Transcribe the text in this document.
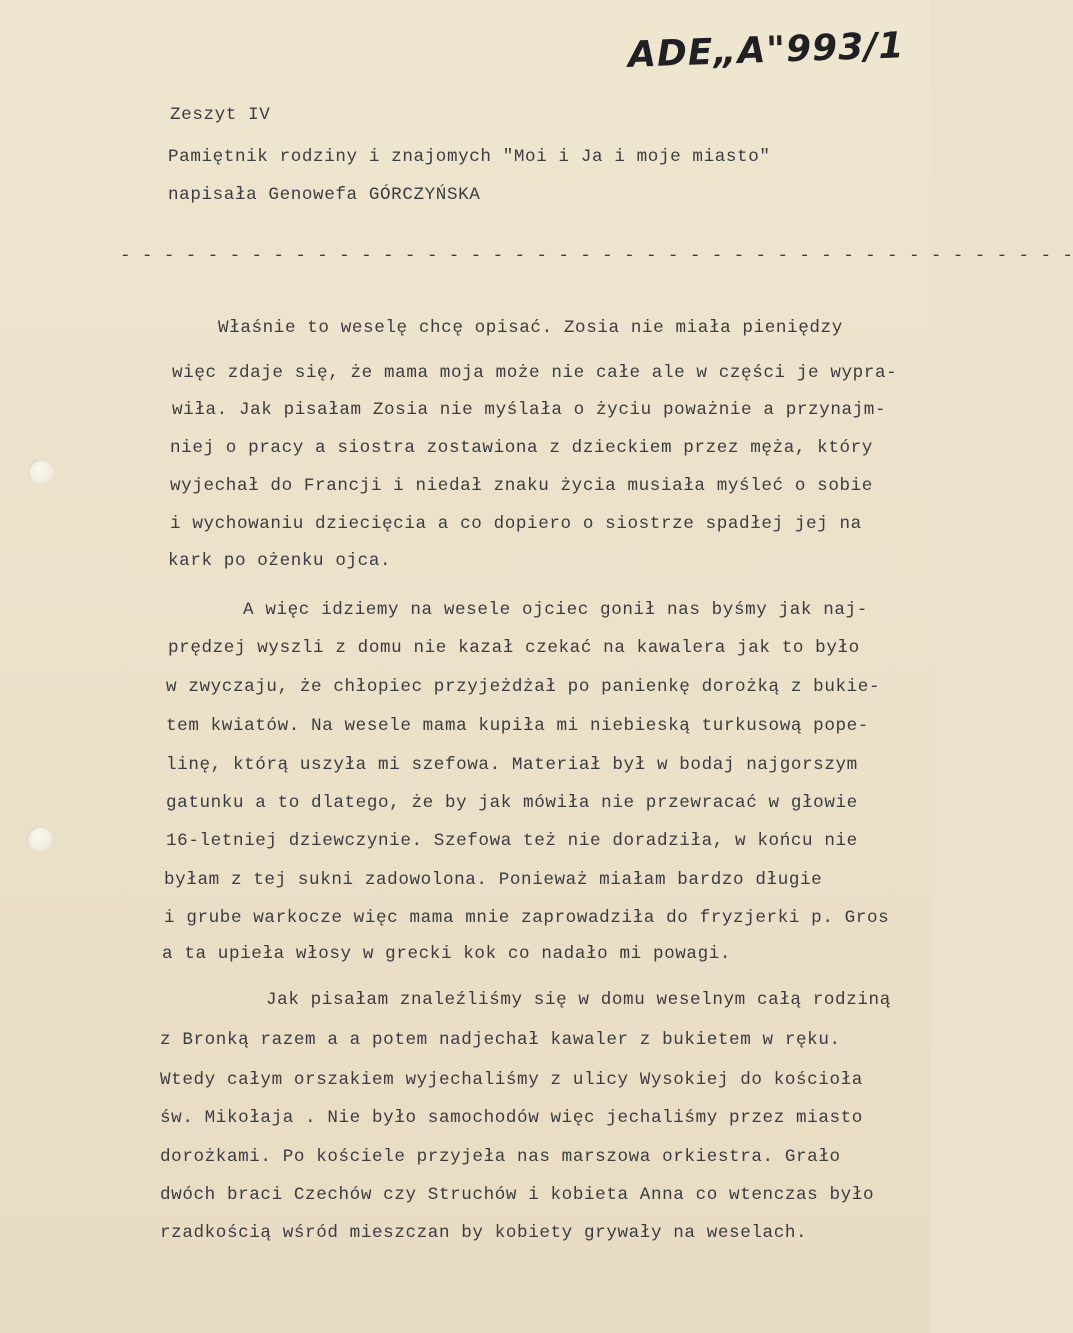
ADE„A"993/1
Zeszyt IV
Pamiętnik rodziny i znajomych "Moi i Ja i moje miasto"
napisała Genowefa GÓRCZYŃSKA
- - - - - - - - - - - - - - - - - - - - - - - - - - - - - - - - - - - - - - - - - - - -
Właśnie to weselę chcę opisać. Zosia nie miała pieniędzy
więc zdaje się, że mama moja może nie całe ale w części je wypra-
wiła. Jak pisałam Zosia nie myślała o życiu poważnie a przynajm-
niej o pracy a siostra zostawiona z dzieckiem przez męża, który
wyjechał do Francji i niedał znaku życia musiała myśleć o sobie
i wychowaniu dziecięcia a co dopiero o siostrze spadłej jej na
kark po ożenku ojca.
A więc idziemy na wesele ojciec gonił nas byśmy jak naj-
prędzej wyszli z domu nie kazał czekać na kawalera jak to było
w zwyczaju, że chłopiec przyjeżdżał po panienkę dorożką z bukie-
tem kwiatów. Na wesele mama kupiła mi niebieską turkusową pope-
linę, którą uszyła mi szefowa. Materiał był w bodaj najgorszym
gatunku a to dlatego, że by jak mówiła nie przewracać w głowie
16-letniej dziewczynie. Szefowa też nie doradziła, w końcu nie
byłam z tej sukni zadowolona. Ponieważ miałam bardzo długie
i grube warkocze więc mama mnie zaprowadziła do fryzjerki p. Gros
a ta upieła włosy w grecki kok co nadało mi powagi.
Jak pisałam znaleźliśmy się w domu weselnym całą rodziną
z Bronką razem a a potem nadjechał kawaler z bukietem w ręku.
Wtedy całym orszakiem wyjechaliśmy z ulicy Wysokiej do kościoła
św. Mikołaja . Nie było samochodów więc jechaliśmy przez miasto
dorożkami. Po kościele przyjeła nas marszowa orkiestra. Grało
dwóch braci Czechów czy Struchów i kobieta Anna co wtenczas było
rzadkością wśród mieszczan by kobiety grywały na weselach.
